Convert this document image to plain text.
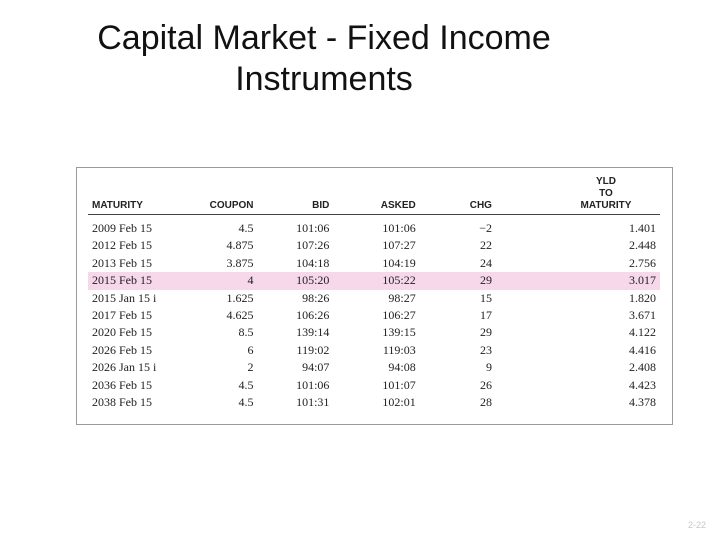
Capital Market - Fixed Income
Instruments
MATURITY	COUPON	BID	ASKED	CHG	YLD
TO
MATURITY

2009 Feb 15	4.5	101:06	101:06	−2	1.401
2012 Feb 15	4.875	107:26	107:27	22	2.448
2013 Feb 15	3.875	104:18	104:19	24	2.756
2015 Feb 15	4	105:20	105:22	29	3.017
2015 Jan 15 i	1.625	98:26	98:27	15	1.820
2017 Feb 15	4.625	106:26	106:27	17	3.671
2020 Feb 15	8.5	139:14	139:15	29	4.122
2026 Feb 15	6	119:02	119:03	23	4.416
2026 Jan 15 i	2	94:07	94:08	9	2.408
2036 Feb 15	4.5	101:06	101:07	26	4.423
2038 Feb 15	4.5	101:31	102:01	28	4.378
2-22
